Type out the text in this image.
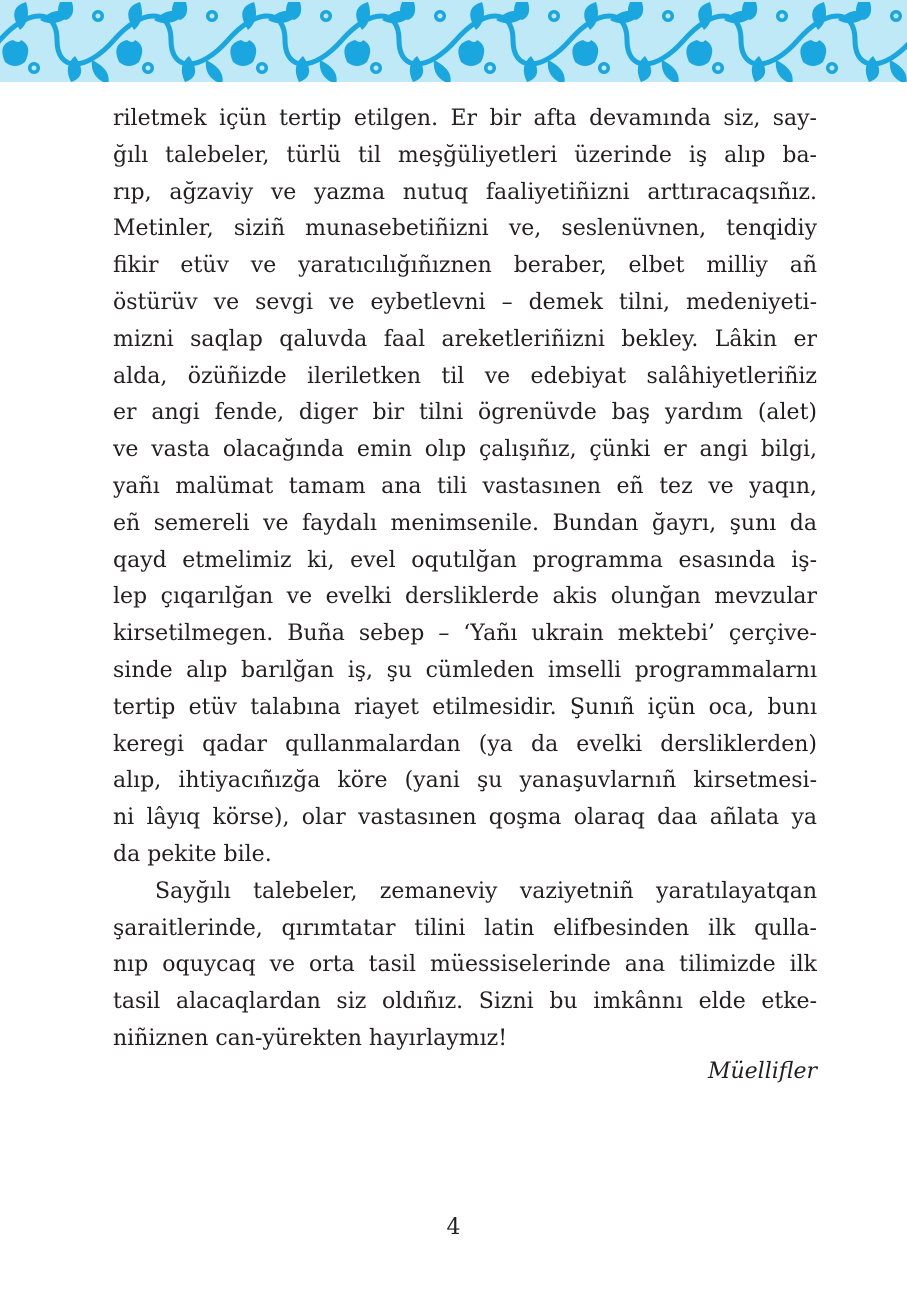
riletmek içün tertip etilgen. Er bir afta devamında siz, say-
ğılı talebeler, türlü til meşğüliyetleri üzerinde iş alıp ba-
rıp, ağzaviy ve yazma nutuq faaliyetiñizni arttıracaqsıñız.
Metinler, siziñ munasebetiñizni ve, seslenüvnen, tenqidiy
fikir etüv ve yaratıcılığıñıznen beraber, elbet milliy añ
östürüv ve sevgi ve eybetlevni – demek tilni, medeniyeti-
mizni saqlap qaluvda faal areketleriñizni bekley. Lâkin er
alda, özüñizde ileriletken til ve edebiyat salâhiyetleriñiz
er angi fende, diger bir tilni ögrenüvde baş yardım (alet)
ve vasta olacağında emin olıp çalışıñız, çünki er angi bilgi,
yañı malümat tamam ana tili vastasınen eñ tez ve yaqın,
eñ semereli ve faydalı menimsenile. Bundan ğayrı, şunı da
qayd etmelimiz ki, evel oqutılğan programma esasında iş-
lep çıqarılğan ve evelki dersliklerde akis olunğan mevzular
kirsetilmegen. Buña sebep – ‘Yañı ukrain mektebi’ çerçive-
sinde alıp barılğan iş, şu cümleden imselli programmalarnı
tertip etüv talabına riayet etilmesidir. Şunıñ içün oca, bunı
keregi qadar qullanmalardan (ya da evelki dersliklerden)
alıp, ihtiyacıñızğa köre (yani şu yanaşuvlarnıñ kirsetmesi-
ni lâyıq körse), olar vastasınen qoşma olaraq daa añlata ya
da pekite bile.
Sayğılı talebeler, zemaneviy vaziyetniñ yaratılayatqan
şaraitlerinde, qırımtatar tilini latin elifbesinden ilk qulla-
nıp oquycaq ve orta tasil müessiselerinde ana tilimizde ilk
tasil alacaqlardan siz oldıñız. Sizni bu imkânnı elde etke-
niñiznen can-yürekten hayırlaymız!
Müellifler
4
